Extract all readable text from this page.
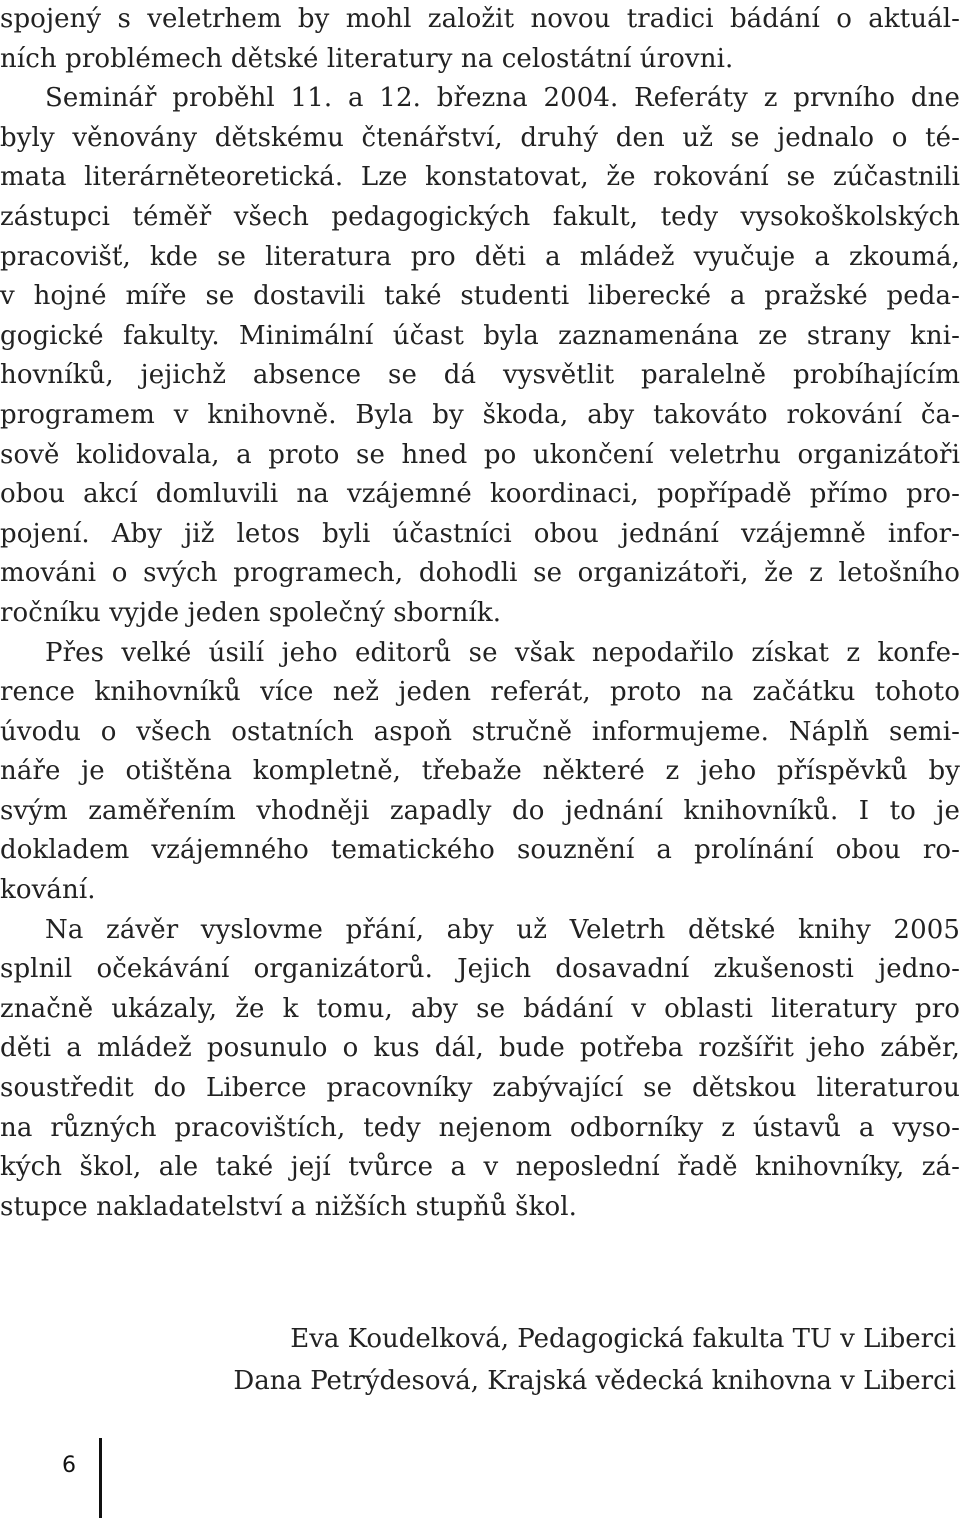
spojený s veletrhem by mohl založit novou tradici bádání o aktuál-
ních problémech dětské literatury na celostátní úrovni.
Seminář proběhl 11. a 12. března 2004. Referáty z prvního dne
byly věnovány dětskému čtenářství, druhý den už se jednalo o té-
mata literárněteoretická. Lze konstatovat, že rokování se zúčastnili
zástupci téměř všech pedagogických fakult, tedy vysokoškolských
pracovišť, kde se literatura pro děti a mládež vyučuje a zkoumá,
v hojné míře se dostavili také studenti liberecké a pražské peda-
gogické fakulty. Minimální účast byla zaznamenána ze strany kni-
hovníků, jejichž absence se dá vysvětlit paralelně probíhajícím
programem v knihovně. Byla by škoda, aby takováto rokování ča-
sově kolidovala, a proto se hned po ukončení veletrhu organizátoři
obou akcí domluvili na vzájemné koordinaci, popřípadě přímo pro-
pojení. Aby již letos byli účastníci obou jednání vzájemně infor-
mováni o svých programech, dohodli se organizátoři, že z letošního
ročníku vyjde jeden společný sborník.
Přes velké úsilí jeho editorů se však nepodařilo získat z konfe-
rence knihovníků více než jeden referát, proto na začátku tohoto
úvodu o všech ostatních aspoň stručně informujeme. Náplň semi-
náře je otištěna kompletně, třebaže některé z jeho příspěvků by
svým zaměřením vhodněji zapadly do jednání knihovníků. I to je
dokladem vzájemného tematického souznění a prolínání obou ro-
kování.
Na závěr vyslovme přání, aby už Veletrh dětské knihy 2005
splnil očekávání organizátorů. Jejich dosavadní zkušenosti jedno-
značně ukázaly, že k tomu, aby se bádání v oblasti literatury pro
děti a mládež posunulo o kus dál, bude potřeba rozšířit jeho záběr,
soustředit do Liberce pracovníky zabývající se dětskou literaturou
na různých pracovištích, tedy nejenom odborníky z ústavů a vyso-
kých škol, ale také její tvůrce a v neposlední řadě knihovníky, zá-
stupce nakladatelství a nižších stupňů škol.
Eva Koudelková, Pedagogická fakulta TU v Liberci
Dana Petrýdesová, Krajská vědecká knihovna v Liberci
6
